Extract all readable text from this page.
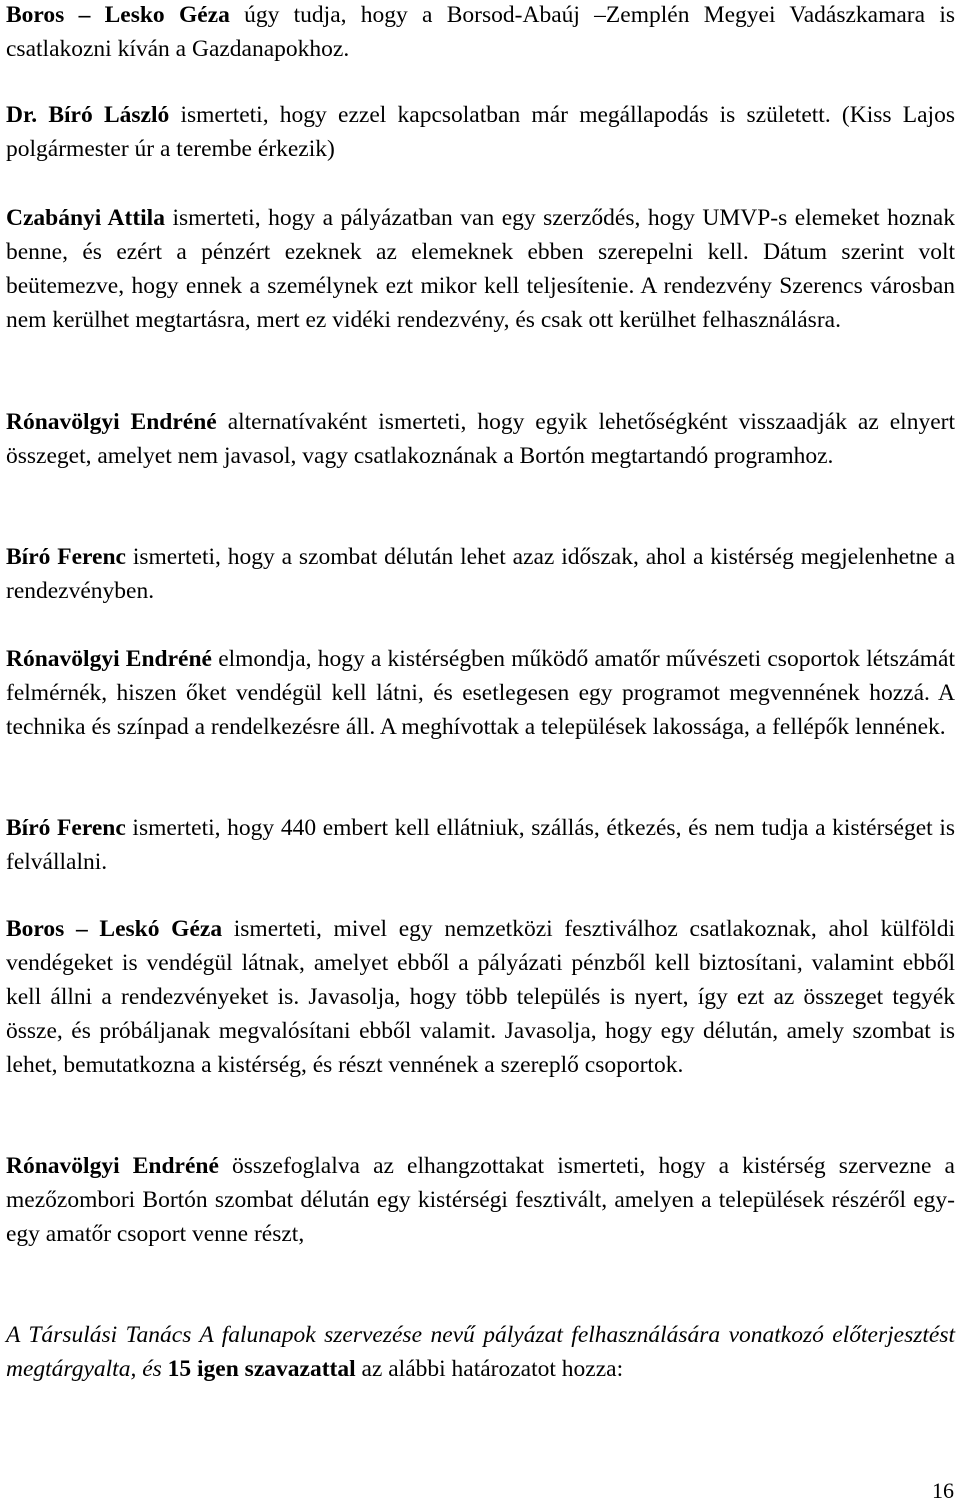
Boros – Lesko Géza úgy tudja, hogy a Borsod-Abaúj –Zemplén Megyei Vadászkamara is csatlakozni kíván a Gazdanapokhoz.

Dr. Bíró László ismerteti, hogy ezzel kapcsolatban már megállapodás is született. (Kiss Lajos polgármester úr a terembe érkezik)

Czabányi Attila ismerteti, hogy a pályázatban van egy szerződés, hogy UMVP-s elemeket hoznak benne, és ezért a pénzért ezeknek az elemeknek ebben szerepelni kell. Dátum szerint volt beütemezve, hogy ennek a személynek ezt mikor kell teljesítenie. A rendezvény Szerencs városban nem kerülhet megtartásra, mert ez vidéki rendezvény, és csak ott kerülhet felhasználásra.

Rónavölgyi Endréné alternatívaként ismerteti, hogy egyik lehetőségként visszaadják az elnyert összeget, amelyet nem javasol, vagy csatlakoznának a Bortón megtartandó programhoz.

Bíró Ferenc ismerteti, hogy a szombat délután lehet azaz időszak, ahol a kistérség megjelenhetne a rendezvényben.

Rónavölgyi Endréné elmondja, hogy a kistérségben működő amatőr művészeti csoportok létszámát felmérnék, hiszen őket vendégül kell látni, és esetlegesen egy programot megvennének hozzá. A technika és színpad a rendelkezésre áll. A meghívottak a települések lakossága, a fellépők lennének.

Bíró Ferenc ismerteti, hogy 440 embert kell ellátniuk, szállás, étkezés, és nem tudja a kistérséget is felvállalni.

Boros – Leskó Géza ismerteti, mivel egy nemzetközi fesztiválhoz csatlakoznak, ahol külföldi vendégeket is vendégül látnak, amelyet ebből a pályázati pénzből kell biztosítani, valamint ebből kell állni a rendezvényeket is. Javasolja, hogy több település is nyert, így ezt az összeget tegyék össze, és próbáljanak megvalósítani ebből valamit. Javasolja, hogy egy délután, amely szombat is lehet, bemutatkozna a kistérség, és részt vennének a szereplő csoportok.

Rónavölgyi Endréné összefoglalva az elhangzottakat ismerteti, hogy a kistérség szervezne a mezőzombori Bortón szombat délután egy kistérségi fesztivált, amelyen a települések részéről egy-egy amatőr csoport venne részt,

A Társulási Tanács A falunapok szervezése nevű pályázat felhasználására vonatkozó előterjesztést megtárgyalta, és 15 igen szavazattal az alábbi határozatot hozza:

16
